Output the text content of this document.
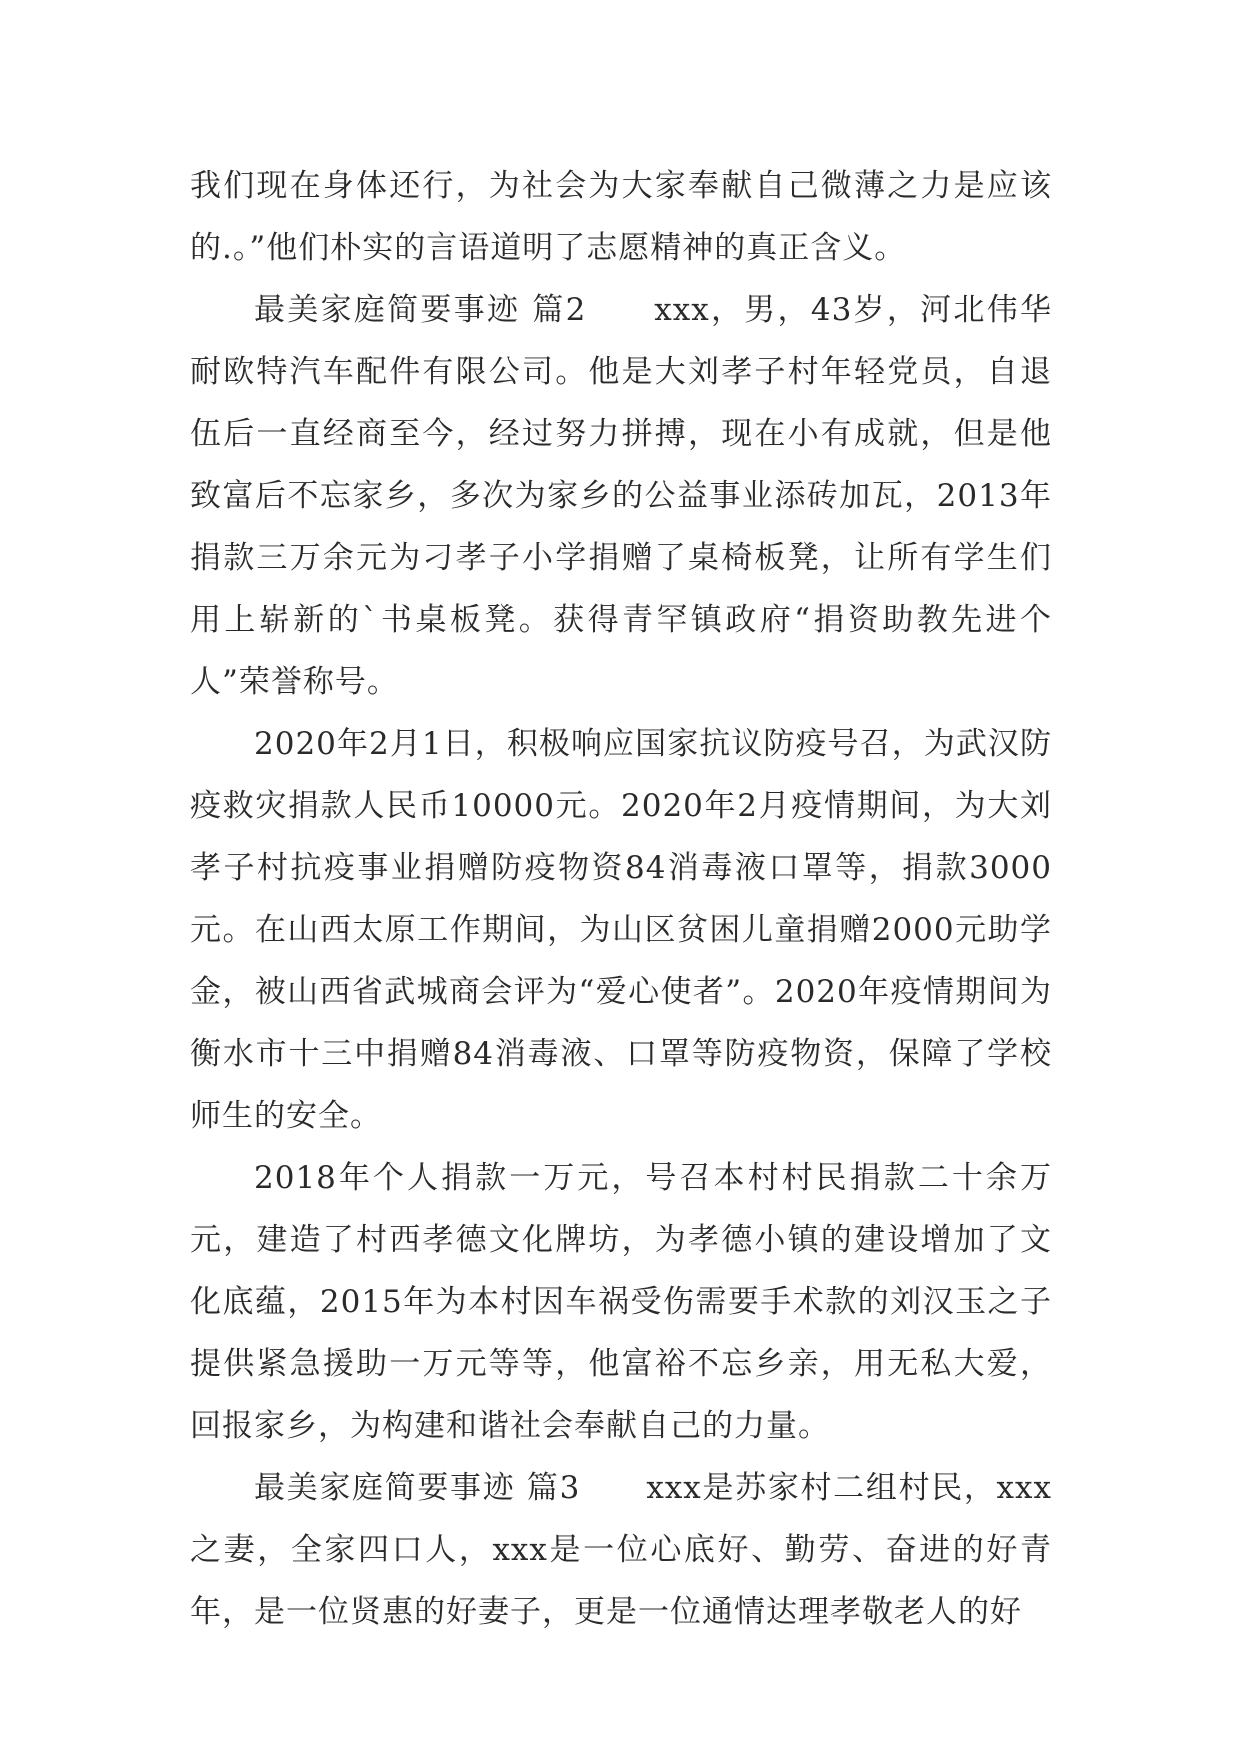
我们现在身体还行，为社会为大家奉献自己微薄之力是应该的.。”他们朴实的言语道明了志愿精神的真正含义。

最美家庭简要事迹 篇2　　xxx，男，43岁，河北伟华耐欧特汽车配件有限公司。他是大刘孝子村年轻党员，自退伍后一直经商至今，经过努力拼搏，现在小有成就，但是他致富后不忘家乡，多次为家乡的公益事业添砖加瓦，2013年捐款三万余元为刁孝子小学捐赠了桌椅板凳，让所有学生们用上崭新的`书桌板凳。获得青罕镇政府“捐资助教先进个人”荣誉称号。

2020年2月1日，积极响应国家抗议防疫号召，为武汉防疫救灾捐款人民币10000元。2020年2月疫情期间，为大刘孝子村抗疫事业捐赠防疫物资84消毒液口罩等，捐款3000元。在山西太原工作期间，为山区贫困儿童捐赠2000元助学金，被山西省武城商会评为“爱心使者”。2020年疫情期间为衡水市十三中捐赠84消毒液、口罩等防疫物资，保障了学校师生的安全。

2018年个人捐款一万元，号召本村村民捐款二十余万元，建造了村西孝德文化牌坊，为孝德小镇的建设增加了文化底蕴，2015年为本村因车祸受伤需要手术款的刘汉玉之子提供紧急援助一万元等等，他富裕不忘乡亲，用无私大爱，回报家乡，为构建和谐社会奉献自己的力量。

最美家庭简要事迹 篇3　　xxx是苏家村二组村民，xxx之妻，全家四口人，xxx是一位心底好、勤劳、奋进的好青年，是一位贤惠的好妻子，更是一位通情达理孝敬老人的好
